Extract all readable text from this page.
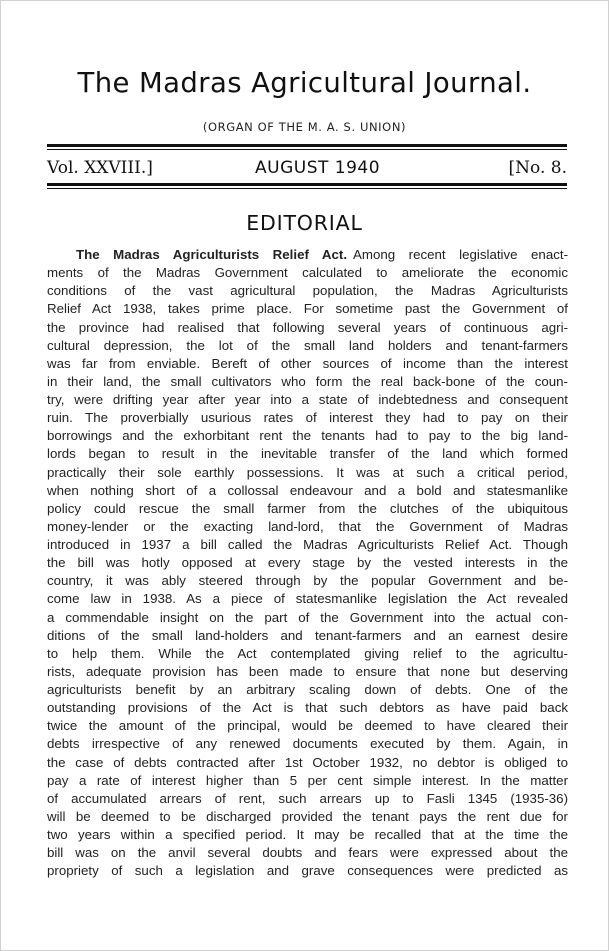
The Madras Agricultural Journal.
(ORGAN OF THE M. A. S. UNION)
Vol. XXVIII.]	AUGUST 1940	[No. 8.
EDITORIAL
The Madras Agriculturists Relief Act. Among recent legislative enact-
ments of the Madras Government calculated to ameliorate the economic
conditions of the vast agricultural population, the Madras Agriculturists
Relief Act 1938, takes prime place. For sometime past the Government of
the province had realised that following several years of continuous agri-
cultural depression, the lot of the small land holders and tenant-farmers
was far from enviable. Bereft of other sources of income than the interest
in their land, the small cultivators who form the real back-bone of the coun-
try, were drifting year after year into a state of indebtedness and consequent
ruin. The proverbially usurious rates of interest they had to pay on their
borrowings and the exhorbitant rent the tenants had to pay to the big land-
lords began to result in the inevitable transfer of the land which formed
practically their sole earthly possessions. It was at such a critical period,
when nothing short of a collossal endeavour and a bold and statesmanlike
policy could rescue the small farmer from the clutches of the ubiquitous
money-lender or the exacting land-lord, that the Government of Madras
introduced in 1937 a bill called the Madras Agriculturists Relief Act. Though
the bill was hotly opposed at every stage by the vested interests in the
country, it was ably steered through by the popular Government and be-
come law in 1938. As a piece of statesmanlike legislation the Act revealed
a commendable insight on the part of the Government into the actual con-
ditions of the small land-holders and tenant-farmers and an earnest desire
to help them. While the Act contemplated giving relief to the agricultu-
rists, adequate provision has been made to ensure that none but deserving
agriculturists benefit by an arbitrary scaling down of debts. One of the
outstanding provisions of the Act is that such debtors as have paid back
twice the amount of the principal, would be deemed to have cleared their
debts irrespective of any renewed documents executed by them. Again, in
the case of debts contracted after 1st October 1932, no debtor is obliged to
pay a rate of interest higher than 5 per cent simple interest. In the matter
of accumulated arrears of rent, such arrears up to Fasli 1345 (1935-36)
will be deemed to be discharged provided the tenant pays the rent due for
two years within a specified period. It may be recalled that at the time the
bill was on the anvil several doubts and fears were expressed about the
propriety of such a legislation and grave consequences were predicted as
